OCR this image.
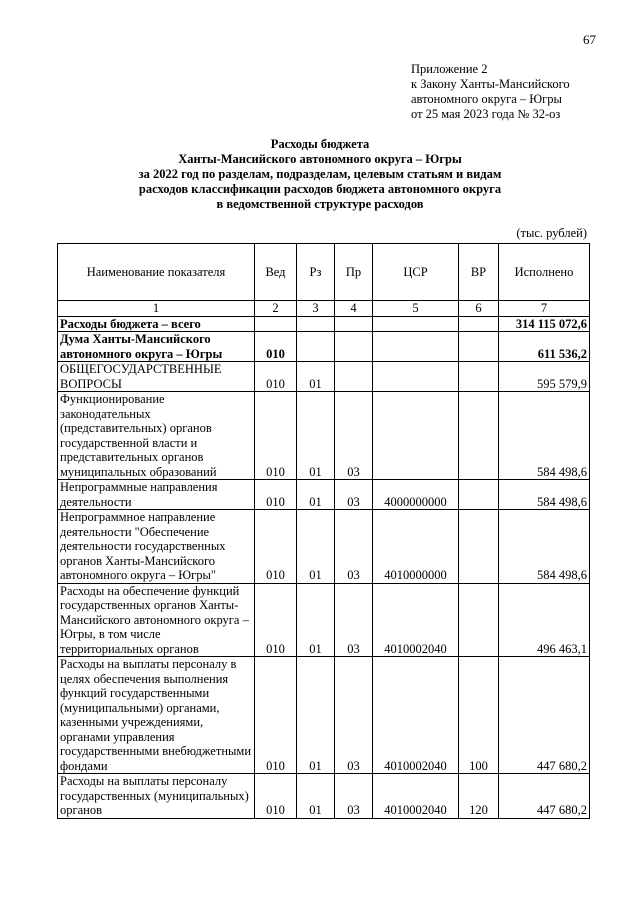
67
Приложение 2
к Закону Ханты-Мансийского
автономного округа – Югры
от 25 мая 2023 года № 32-оз
Расходы бюджета
Ханты-Мансийского автономного округа – Югры
за 2022 год по разделам, подразделам, целевым статьям и видам
расходов классификации расходов бюджета автономного округа
в ведомственной структуре расходов
(тыс. рублей)
Наименование показателя	Вед	Рз	Пр	ЦСР	ВР	Исполнено
1	2	3	4	5	6	7
Расходы бюджета – всего						314 115 072,6
Дума Ханты-Мансийского автономного округа – Югры	010					611 536,2
ОБЩЕГОСУДАРСТВЕННЫЕ ВОПРОСЫ	010	01				595 579,9
Функционирование законодательных (представительных) органов государственной власти и представительных органов муниципальных образований	010	01	03			584 498,6
Непрограммные направления деятельности	010	01	03	4000000000		584 498,6
Непрограммное направление деятельности "Обеспечение деятельности государственных органов Ханты-Мансийского автономного округа – Югры"	010	01	03	4010000000		584 498,6
Расходы на обеспечение функций государственных органов Ханты-Мансийского автономного округа – Югры, в том числе территориальных органов	010	01	03	4010002040		496 463,1
Расходы на выплаты персоналу в целях обеспечения выполнения функций государственными (муниципальными) органами, казенными учреждениями, органами управления государственными внебюджетными фондами	010	01	03	4010002040	100	447 680,2
Расходы на выплаты персоналу государственных (муниципальных) органов	010	01	03	4010002040	120	447 680,2
